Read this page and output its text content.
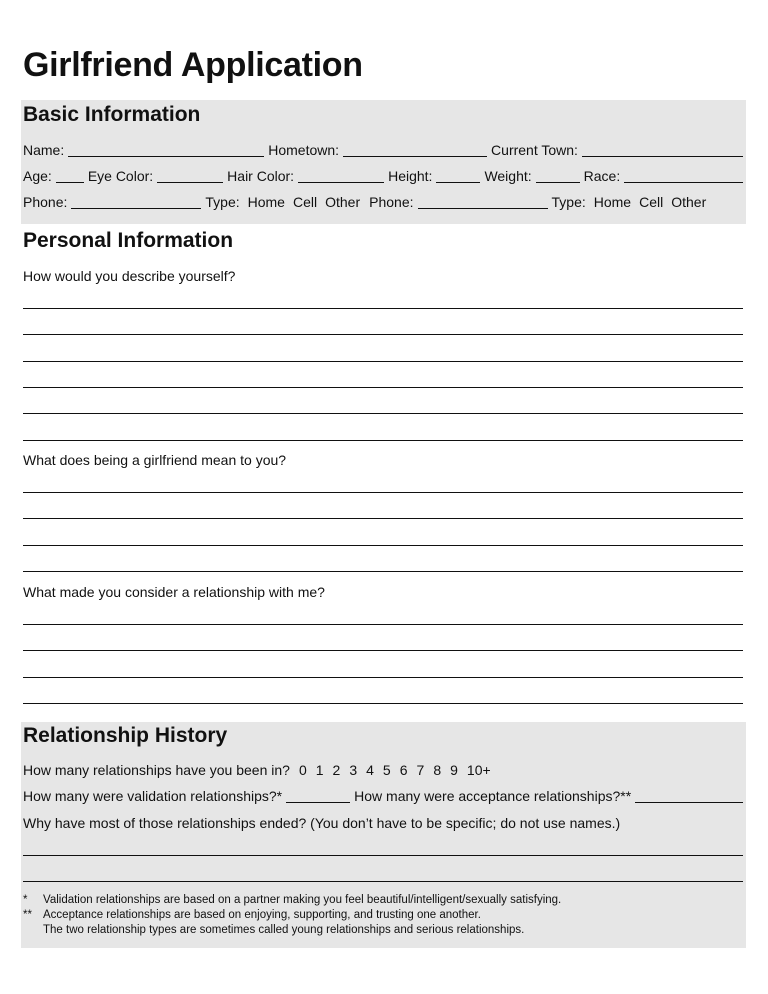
Girlfriend Application
Basic Information
Name:	Hometown:	Current Town:
Age:	Eye Color:	Hair Color:	Height:	Weight:	Race:
Phone:	Type: Home Cell Other Phone:	Type: Home Cell Other
Personal Information
How would you describe yourself?
What does being a girlfriend mean to you?
What made you consider a relationship with me?
Relationship History
How many relationships have you been in? 0 1 2 3 4 5 6 7 8 9 10+
How many were validation relationships?*	How many were acceptance relationships?**
Why have most of those relationships ended? (You don’t have to be specific; do not use names.)
* Validation relationships are based on a partner making you feel beautiful/intelligent/sexually satisfying.
** Acceptance relationships are based on enjoying, supporting, and trusting one another.
The two relationship types are sometimes called young relationships and serious relationships.
